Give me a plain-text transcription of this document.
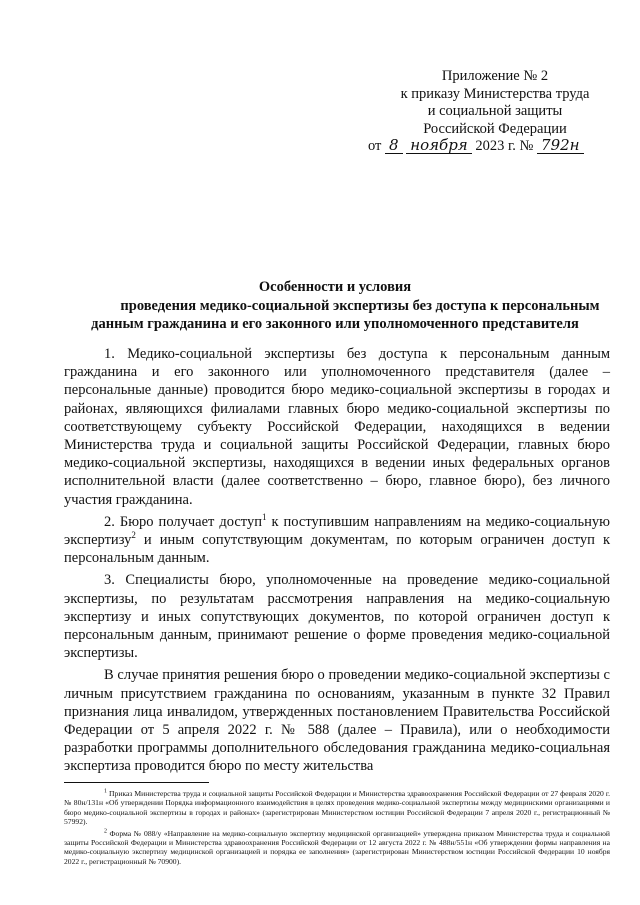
Приложение № 2
к приказу Министерства труда
и социальной защиты
Российской Федерации
от 8 ноября 2023 г. № 792н
Особенности и условия
проведения медико-социальной экспертизы без доступа к персональным
данным гражданина и его законного или уполномоченного представителя

1. Медико-социальной экспертизы без доступа к персональным данным гражданина и его законного или уполномоченного представителя (далее – персональные данные) проводится бюро медико-социальной экспертизы в городах и районах, являющихся филиалами главных бюро медико-социальной экспертизы по соответствующему субъекту Российской Федерации, находящихся в ведении Министерства труда и социальной защиты Российской Федерации, главных бюро медико-социальной экспертизы, находящихся в ведении иных федеральных органов исполнительной власти (далее соответственно – бюро, главное бюро), без личного участия гражданина.

2. Бюро получает доступ$^1$ к поступившим направлениям на медико-социальную экспертизу$^2$ и иным сопутствующим документам, по которым ограничен доступ к персональным данным.

3. Специалисты бюро, уполномоченные на проведение медико-социальной экспертизы, по результатам рассмотрения направления на медико-социальную экспертизу и иных сопутствующих документов, по которой ограничен доступ к персональным данным, принимают решение о форме проведения медико-социальной экспертизы.

В случае принятия решения бюро о проведении медико-социальной экспертизы с личным присутствием гражданина по основаниям, указанным в пункте 32 Правил признания лица инвалидом, утвержденных постановлением Правительства Российской Федерации от 5 апреля 2022 г. № 588 (далее – Правила), или о необходимости разработки программы дополнительного обследования гражданина медико-социальная экспертиза проводится бюро по месту жительства

$^1$ Приказ Министерства труда и социальной защиты Российской Федерации и Министерства здравоохранения Российской Федерации от 27 февраля 2020 г. № 80н/131н «Об утверждении Порядка информационного взаимодействия в целях проведения медико-социальной экспертизы между медицинскими организациями и бюро медико-социальной экспертизы в городах и районах» (зарегистрирован Министерством юстиции Российской Федерации 7 апреля 2020 г., регистрационный № 57992).

$^2$ Форма № 088/у «Направление на медико-социальную экспертизу медицинской организацией» утверждена приказом Министерства труда и социальной защиты Российской Федерации и Министерства здравоохранения Российской Федерации от 12 августа 2022 г. № 488н/551н «Об утверждении формы направления на медико-социальную экспертизу медицинской организацией и порядка ее заполнения» (зарегистрирован Министерством юстиции Российской Федерации 10 ноября 2022 г., регистрационный № 70900).
